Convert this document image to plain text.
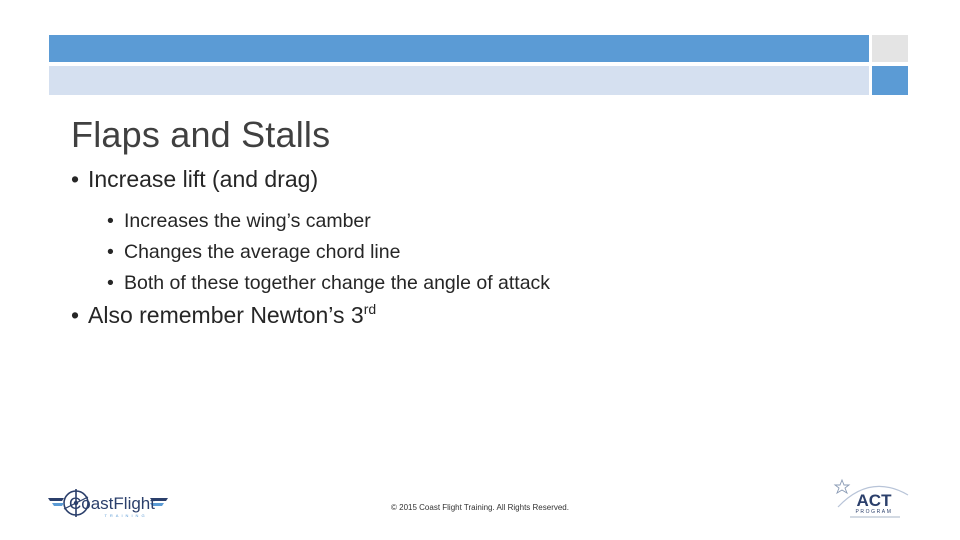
Flaps and Stalls
• Increase lift (and drag)
• Increases the wing’s camber
• Changes the average chord line
• Both of these together change the angle of attack
• Also remember Newton’s 3rd
© 2015 Coast Flight Training. All Rights Reserved.
CoastFlight
TRAINING
ACT
PROGRAM
